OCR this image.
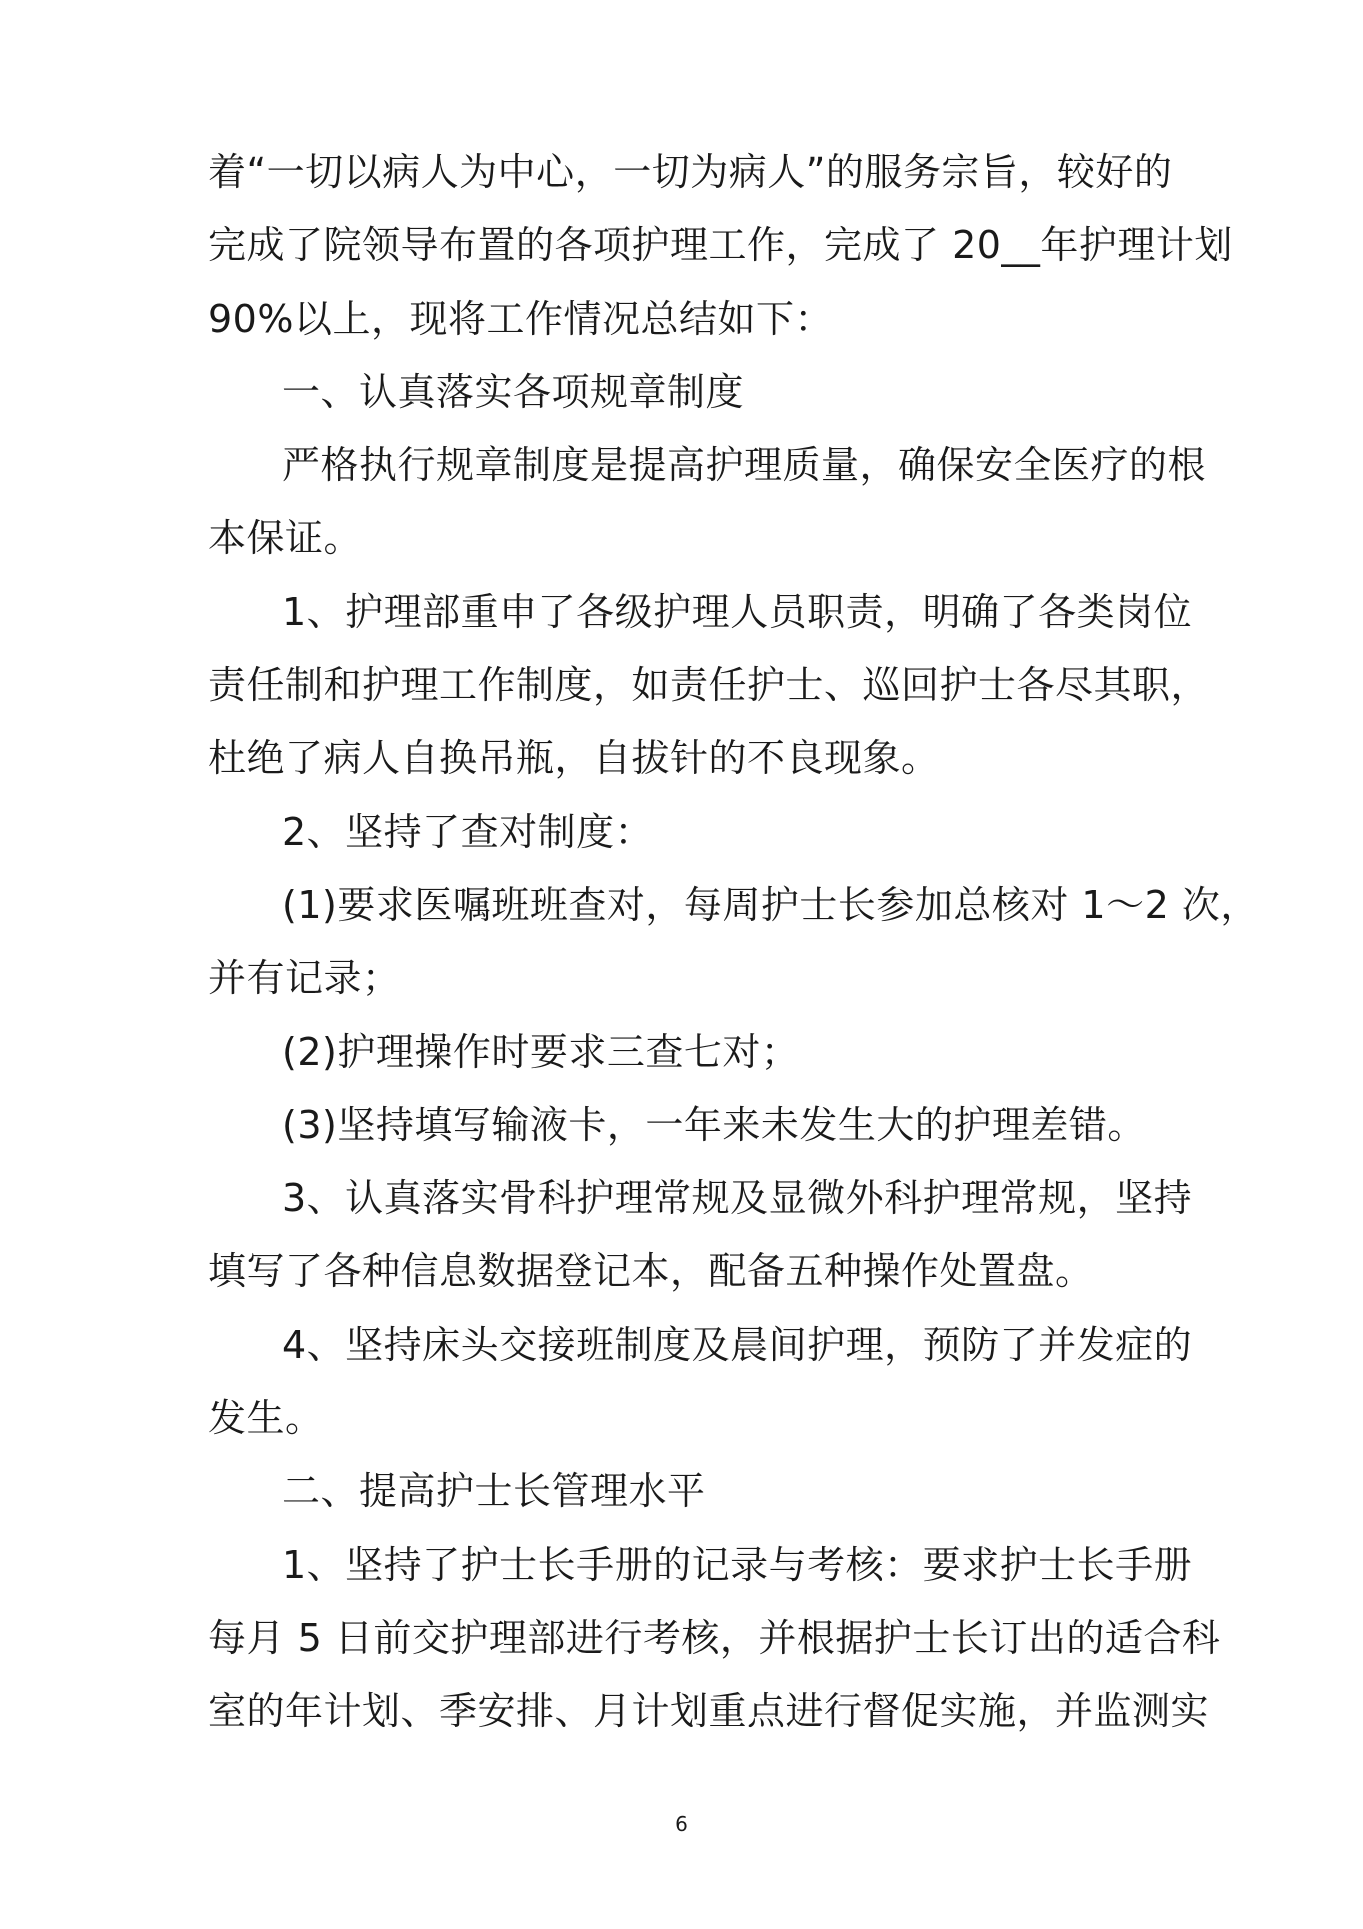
着“一切以病人为中心，一切为病人”的服务宗旨，较好的
完成了院领导布置的各项护理工作，完成了 20__年护理计划
90%以上，现将工作情况总结如下：
一、认真落实各项规章制度
严格执行规章制度是提高护理质量，确保安全医疗的根
本保证。
1、护理部重申了各级护理人员职责，明确了各类岗位
责任制和护理工作制度，如责任护士、巡回护士各尽其职，
杜绝了病人自换吊瓶，自拔针的不良现象。
2、坚持了查对制度：
(1)要求医嘱班班查对，每周护士长参加总核对 1～2 次，
并有记录；
(2)护理操作时要求三查七对；
(3)坚持填写输液卡，一年来未发生大的护理差错。
3、认真落实骨科护理常规及显微外科护理常规，坚持
填写了各种信息数据登记本，配备五种操作处置盘。
4、坚持床头交接班制度及晨间护理，预防了并发症的
发生。
二、提高护士长管理水平
1、坚持了护士长手册的记录与考核：要求护士长手册
每月 5 日前交护理部进行考核，并根据护士长订出的适合科
室的年计划、季安排、月计划重点进行督促实施，并监测实
6
